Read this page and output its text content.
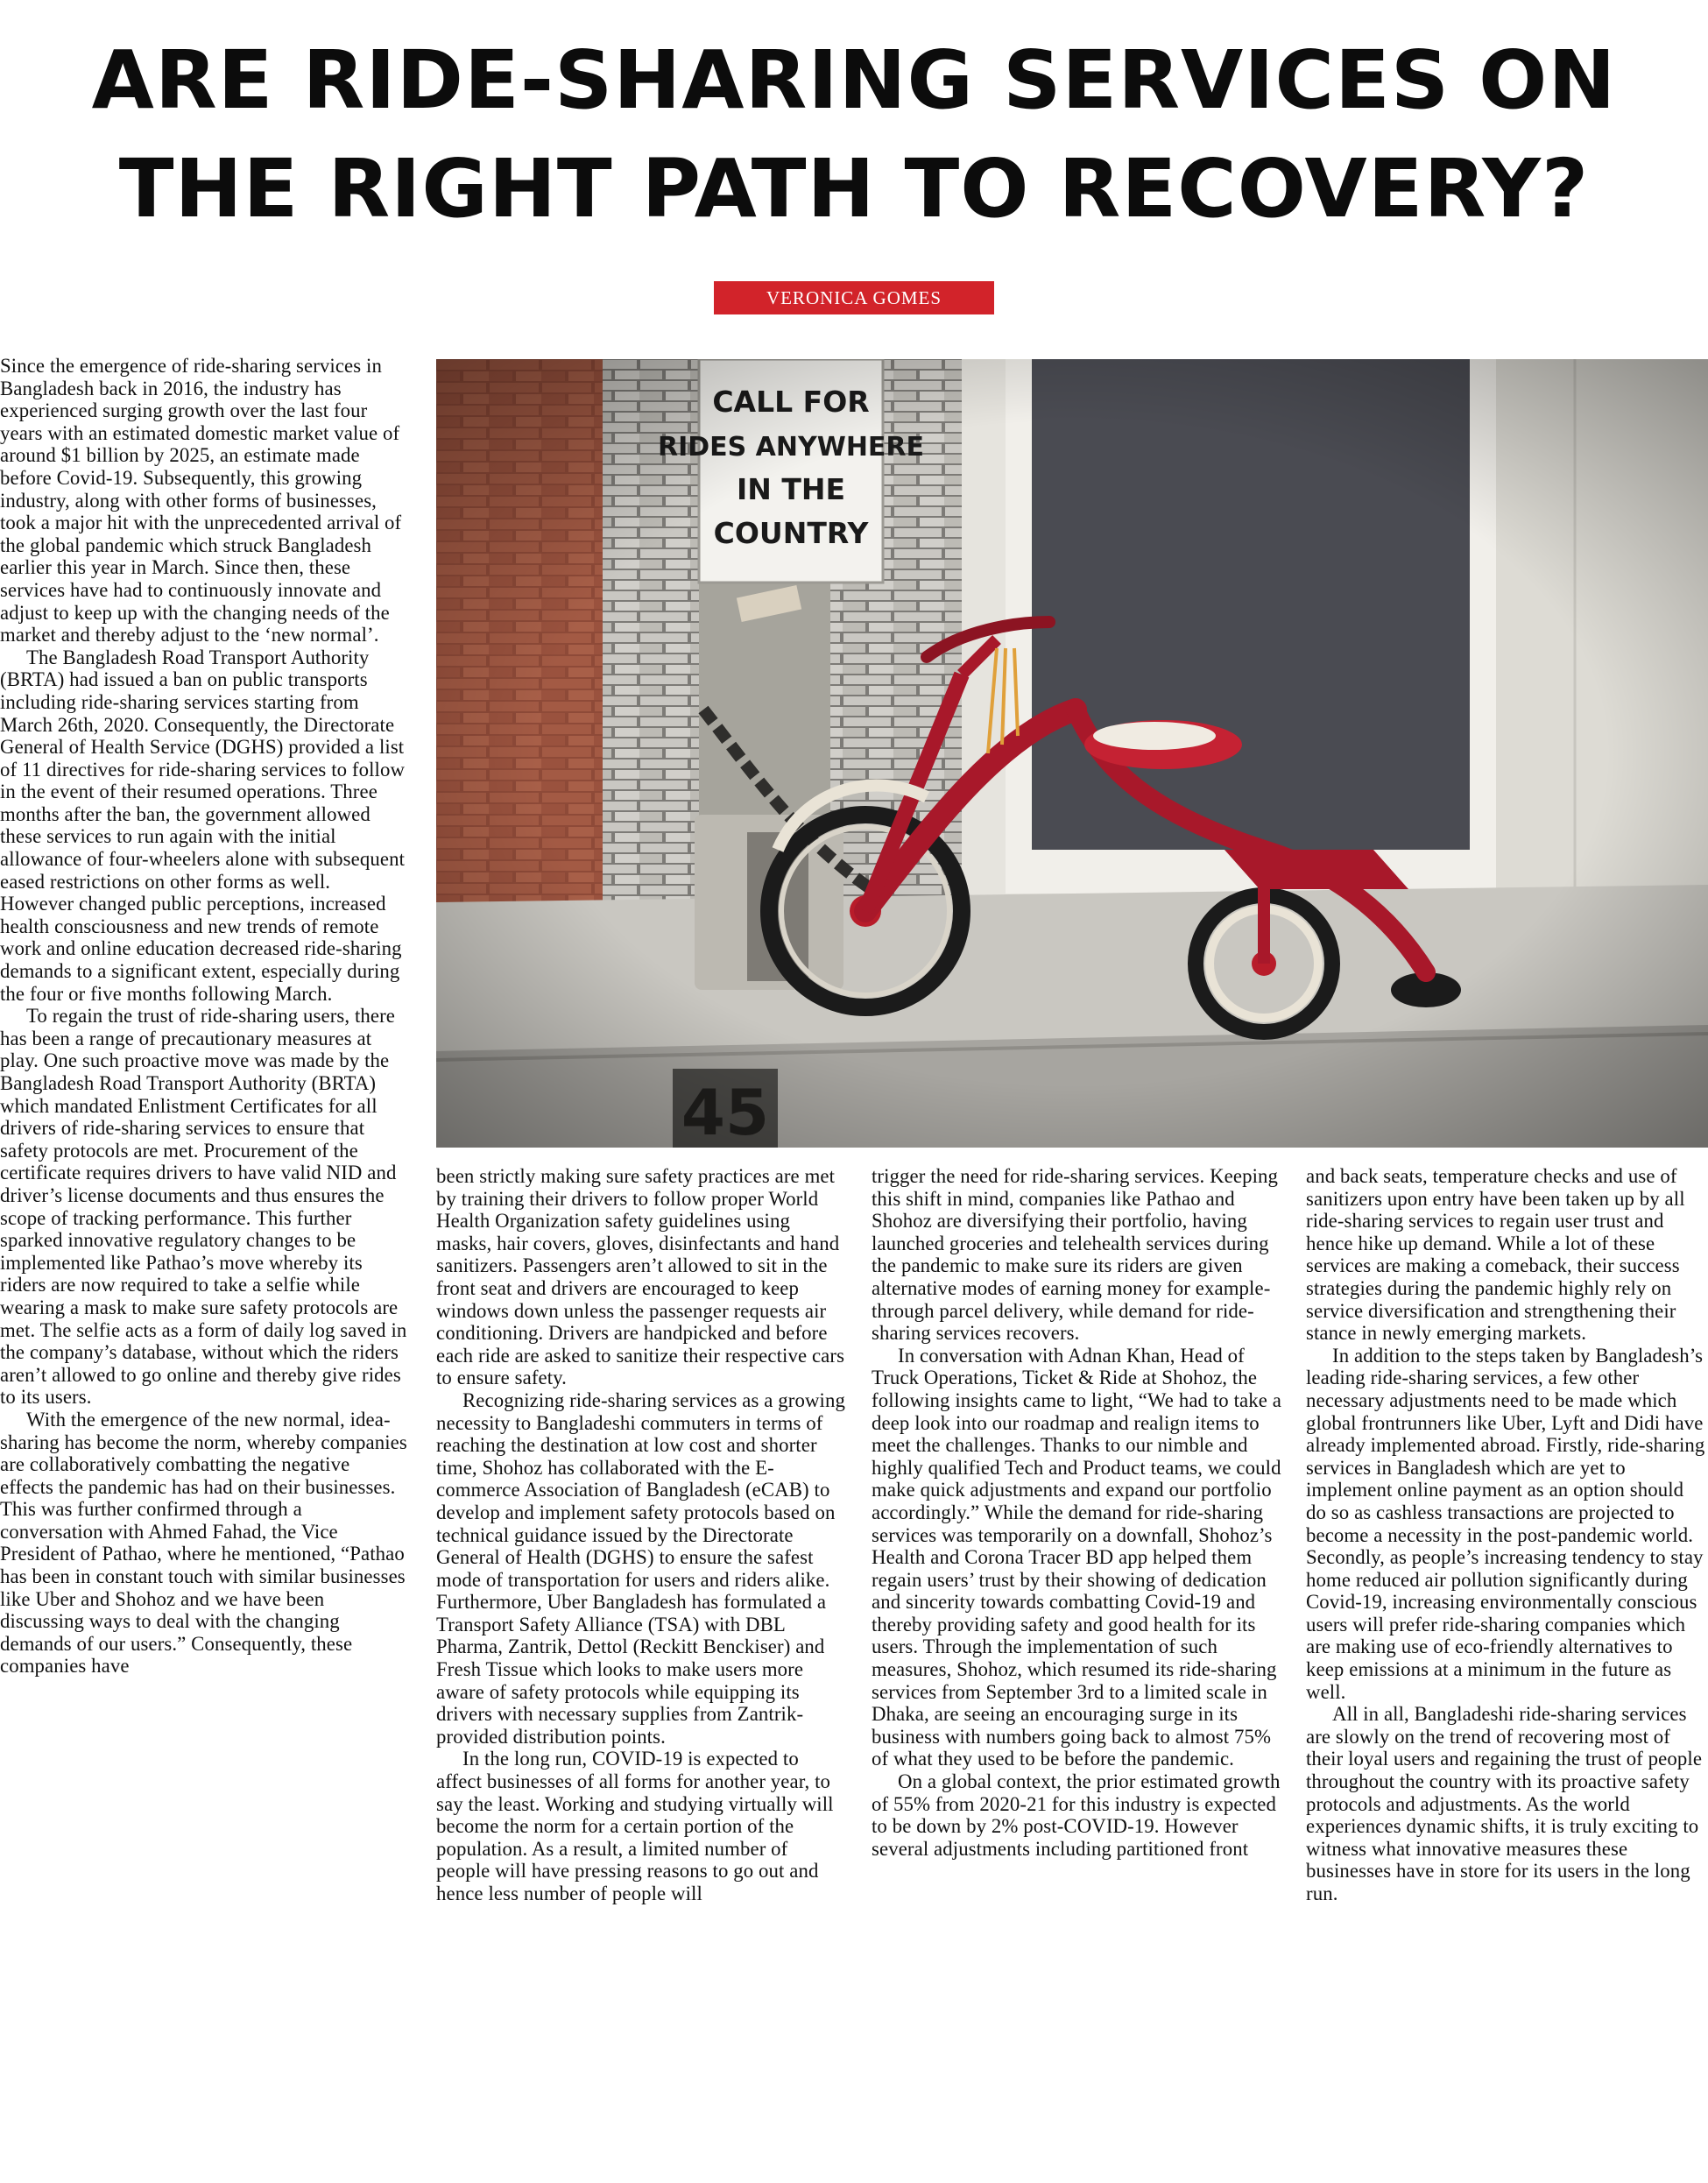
ARE RIDE-SHARING SERVICES ON
THE RIGHT PATH TO RECOVERY?
VERONICA GOMES

Since the emergence of ride-sharing services in Bangladesh back in 2016, the industry has experienced surging growth over the last four years with an estimated domestic market value of around $1 billion by 2025, an estimate made before Covid-19. Subsequently, this growing industry, along with other forms of businesses, took a major hit with the unprecedented arrival of the global pandemic which struck Bangladesh earlier this year in March. Since then, these services have had to continuously innovate and adjust to keep up with the changing needs of the market and thereby adjust to the ‘new normal’.

The Bangladesh Road Transport Authority (BRTA) had issued a ban on public transports including ride-sharing services starting from March 26th, 2020. Consequently, the Directorate General of Health Service (DGHS) provided a list of 11 directives for ride-sharing services to follow in the event of their resumed operations. Three months after the ban, the government allowed these services to run again with the initial allowance of four-wheelers alone with subsequent eased restrictions on other forms as well. However changed public perceptions, increased health consciousness and new trends of remote work and online education decreased ride-sharing demands to a significant extent, especially during the four or five months following March.

To regain the trust of ride-sharing users, there has been a range of precautionary measures at play. One such proactive move was made by the Bangladesh Road Transport Authority (BRTA) which mandated Enlistment Certificates for all drivers of ride-sharing services to ensure that safety protocols are met. Procurement of the certificate requires drivers to have valid NID and driver’s license documents and thus ensures the scope of tracking performance. This further sparked innovative regulatory changes to be implemented like Pathao’s move whereby its riders are now required to take a selfie while wearing a mask to make sure safety protocols are met. The selfie acts as a form of daily log saved in the company’s database, without which the riders aren’t allowed to go online and thereby give rides to its users.

With the emergence of the new normal, idea-sharing has become the norm, whereby companies are collaboratively combatting the negative effects the pandemic has had on their businesses. This was further confirmed through a conversation with Ahmed Fahad, the Vice President of Pathao, where he mentioned, “Pathao has been in constant touch with similar businesses like Uber and Shohoz and we have been discussing ways to deal with the changing demands of our users.” Consequently, these companies have

been strictly making sure safety practices are met by training their drivers to follow proper World Health Organization safety guidelines using masks, hair covers, gloves, disinfectants and hand sanitizers. Passengers aren’t allowed to sit in the front seat and drivers are encouraged to keep windows down unless the passenger requests air conditioning. Drivers are handpicked and before each ride are asked to sanitize their respective cars to ensure safety.

Recognizing ride-sharing services as a growing necessity to Bangladeshi commuters in terms of reaching the destination at low cost and shorter time, Shohoz has collaborated with the E-commerce Association of Bangladesh (eCAB) to develop and implement safety protocols based on technical guidance issued by the Directorate General of Health (DGHS) to ensure the safest mode of transportation for users and riders alike. Furthermore, Uber Bangladesh has formulated a Transport Safety Alliance (TSA) with DBL Pharma, Zantrik, Dettol (Reckitt Benckiser) and Fresh Tissue which looks to make users more aware of safety protocols while equipping its drivers with necessary supplies from Zantrik-provided distribution points.

In the long run, COVID-19 is expected to affect businesses of all forms for another year, to say the least. Working and studying virtually will become the norm for a certain portion of the population. As a result, a limited number of people will have pressing reasons to go out and hence less number of people will

trigger the need for ride-sharing services. Keeping this shift in mind, companies like Pathao and Shohoz are diversifying their portfolio, having launched groceries and telehealth services during the pandemic to make sure its riders are given alternative modes of earning money for example- through parcel delivery, while demand for ride-sharing services recovers.

In conversation with Adnan Khan, Head of Truck Operations, Ticket & Ride at Shohoz, the following insights came to light, “We had to take a deep look into our roadmap and realign items to meet the challenges. Thanks to our nimble and highly qualified Tech and Product teams, we could make quick adjustments and expand our portfolio accordingly.” While the demand for ride-sharing services was temporarily on a downfall, Shohoz’s Health and Corona Tracer BD app helped them regain users’ trust by their showing of dedication and sincerity towards combatting Covid-19 and thereby providing safety and good health for its users. Through the implementation of such measures, Shohoz, which resumed its ride-sharing services from September 3rd to a limited scale in Dhaka, are seeing an encouraging surge in its business with numbers going back to almost 75% of what they used to be before the pandemic.

On a global context, the prior estimated growth of 55% from 2020-21 for this industry is expected to be down by 2% post-COVID-19. However several adjustments including partitioned front

and back seats, temperature checks and use of sanitizers upon entry have been taken up by all ride-sharing services to regain user trust and hence hike up demand. While a lot of these services are making a comeback, their success strategies during the pandemic highly rely on service diversification and strengthening their stance in newly emerging markets.

In addition to the steps taken by Bangladesh’s leading ride-sharing services, a few other necessary adjustments need to be made which global frontrunners like Uber, Lyft and Didi have already implemented abroad. Firstly, ride-sharing services in Bangladesh which are yet to implement online payment as an option should do so as cashless transactions are projected to become a necessity in the post-pandemic world. Secondly, as people’s increasing tendency to stay home reduced air pollution significantly during Covid-19, increasing environmentally conscious users will prefer ride-sharing companies which are making use of eco-friendly alternatives to keep emissions at a minimum in the future as well.

All in all, Bangladeshi ride-sharing services are slowly on the trend of recovering most of their loyal users and regaining the trust of people throughout the country with its proactive safety protocols and adjustments. As the world experiences dynamic shifts, it is truly exciting to witness what innovative measures these businesses have in store for its users in the long run.
